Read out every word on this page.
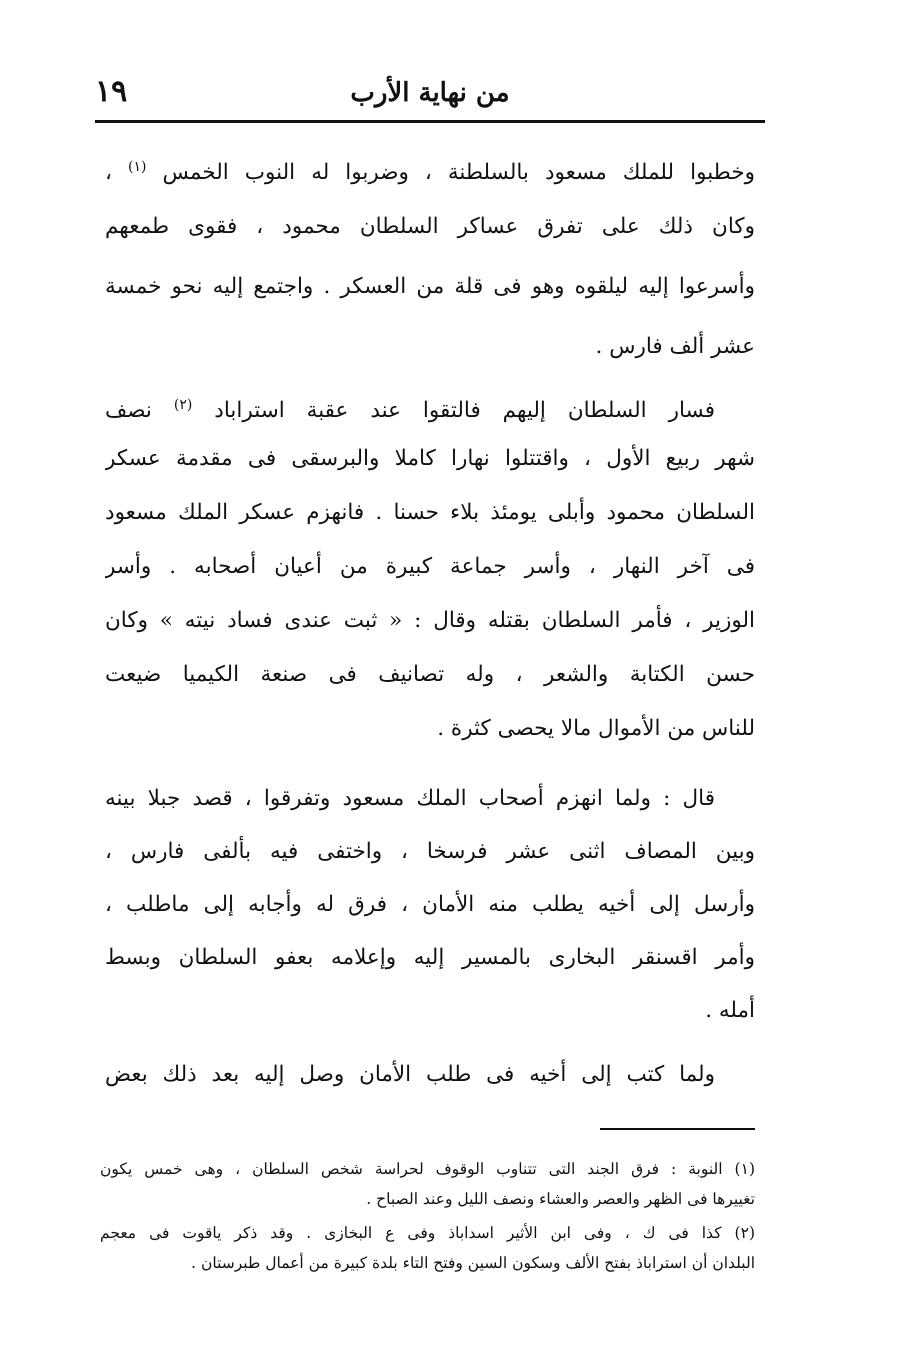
١٩	من نهاية الأرب
وخطبوا للملك مسعود بالسلطنة ، وضربوا له النوب الخمس $^{(١)}$ ،
وكان ذلك على تفرق عساكر السلطان محمود ، فقوى طمعهم
وأسرعوا إليه ليلقوه وهو فى قلة من العسكر . واجتمع إليه نحو خمسة
عشر ألف فارس .
فسار السلطان إليهم فالتقوا عند عقبة استراباد $^{(٢)}$ نصف
شهر ربيع الأول ، واقتتلوا نهارا كاملا والبرسقى فى مقدمة عسكر
السلطان محمود وأبلى يومئذ بلاء حسنا . فانهزم عسكر الملك مسعود
فى آخر النهار ، وأسر جماعة كبيرة من أعيان أصحابه . وأسر
الوزير ، فأمر السلطان بقتله وقال : « ثبت عندى فساد نيته » وكان
حسن الكتابة والشعر ، وله تصانيف فى صنعة الكيميا ضيعت
للناس من الأموال مالا يحصى كثرة .
قال : ولما انهزم أصحاب الملك مسعود وتفرقوا ، قصد جبلا بينه
وبين المصاف اثنى عشر فرسخا ، واختفى فيه بألفى فارس ،
وأرسل إلى أخيه يطلب منه الأمان ، فرق له وأجابه إلى ماطلب ،
وأمر اقسنقر البخارى بالمسير إليه وإعلامه بعفو السلطان وبسط
أمله .
ولما كتب إلى أخيه فى طلب الأمان وصل إليه بعد ذلك بعض
(١) النوبة : فرق الجند التى تتناوب الوقوف لحراسة شخص السلطان ، وهى خمس يكون
تغييرها فى الظهر والعصر والعشاء ونصف الليل وعند الصباح .
(٢) كذا فى ك ، وفى ابن الأثير اسداباذ وفى ع البخازى . وقد ذكر ياقوت فى معجم
البلدان أن استراباذ بفتح الألف وسكون السين وفتح التاء بلدة كبيرة من أعمال طبرستان .
